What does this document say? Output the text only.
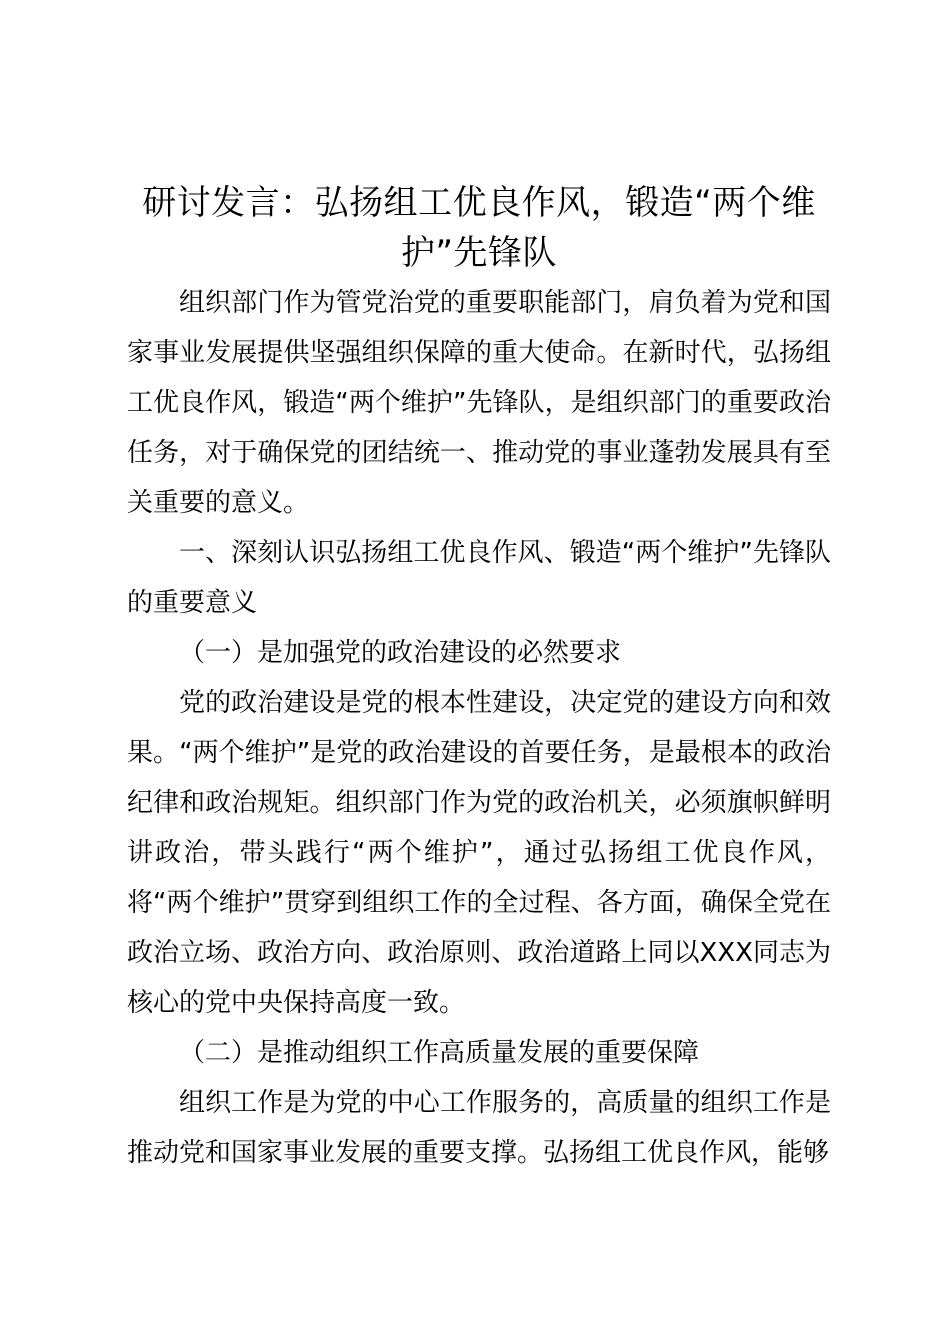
研讨发言：弘扬组工优良作风，锻造“两个维护”先锋队

组织部门作为管党治党的重要职能部门，肩负着为党和国家事业发展提供坚强组织保障的重大使命。在新时代，弘扬组工优良作风，锻造“两个维护”先锋队，是组织部门的重要政治任务，对于确保党的团结统一、推动党的事业蓬勃发展具有至关重要的意义。

一、深刻认识弘扬组工优良作风、锻造“两个维护”先锋队的重要意义

（一）是加强党的政治建设的必然要求

党的政治建设是党的根本性建设，决定党的建设方向和效果。“两个维护”是党的政治建设的首要任务，是最根本的政治纪律和政治规矩。组织部门作为党的政治机关，必须旗帜鲜明讲政治，带头践行“两个维护”，通过弘扬组工优良作风，将“两个维护”贯穿到组织工作的全过程、各方面，确保全党在政治立场、政治方向、政治原则、政治道路上同以XXX同志为核心的党中央保持高度一致。

（二）是推动组织工作高质量发展的重要保障

组织工作是为党的中心工作服务的，高质量的组织工作是推动党和国家事业发展的重要支撑。弘扬组工优良作风，能够
